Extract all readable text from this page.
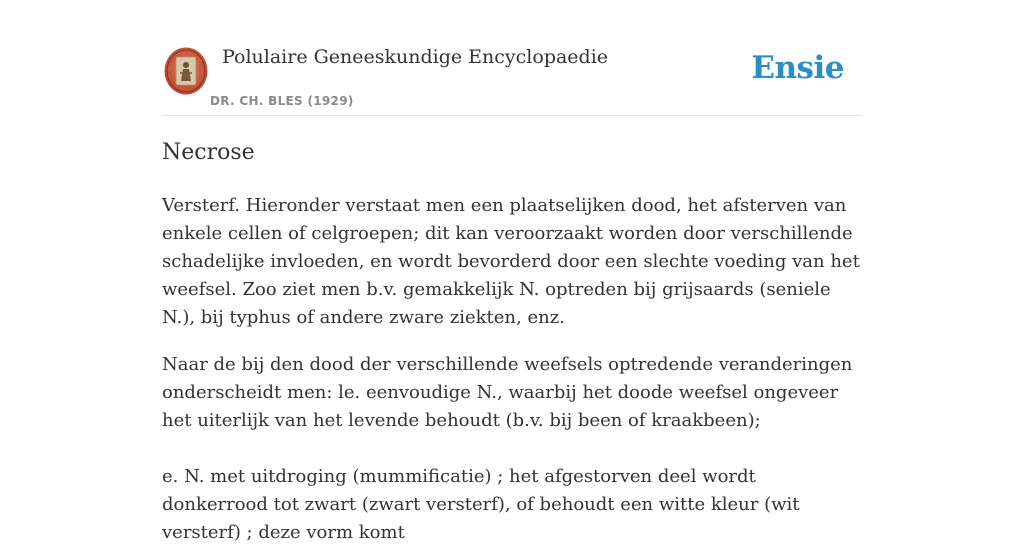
Polulaire Geneeskundige Encyclopaedie
DR. CH. BLES (1929)
Ensie
Necrose

Versterf. Hieronder verstaat men een plaatselijken dood, het afsterven van enkele cellen of celgroepen; dit kan veroorzaakt worden door verschillende schadelijke invloeden, en wordt bevorderd door een slechte voeding van het weefsel. Zoo ziet men b.v. gemakkelijk N. optreden bij grijsaards (seniele N.), bij typhus of andere zware ziekten, enz.

Naar de bij den dood der verschillende weefsels optredende veranderingen onderscheidt men: le. eenvoudige N., waarbij het doode weefsel ongeveer het uiterlijk van het levende behoudt (b.v. bij been of kraakbeen);

e. N. met uitdroging (mummificatie) ; het afgestorven deel wordt donkerrood tot zwart (zwart versterf), of behoudt een witte kleur (wit versterf) ; deze vorm komt
